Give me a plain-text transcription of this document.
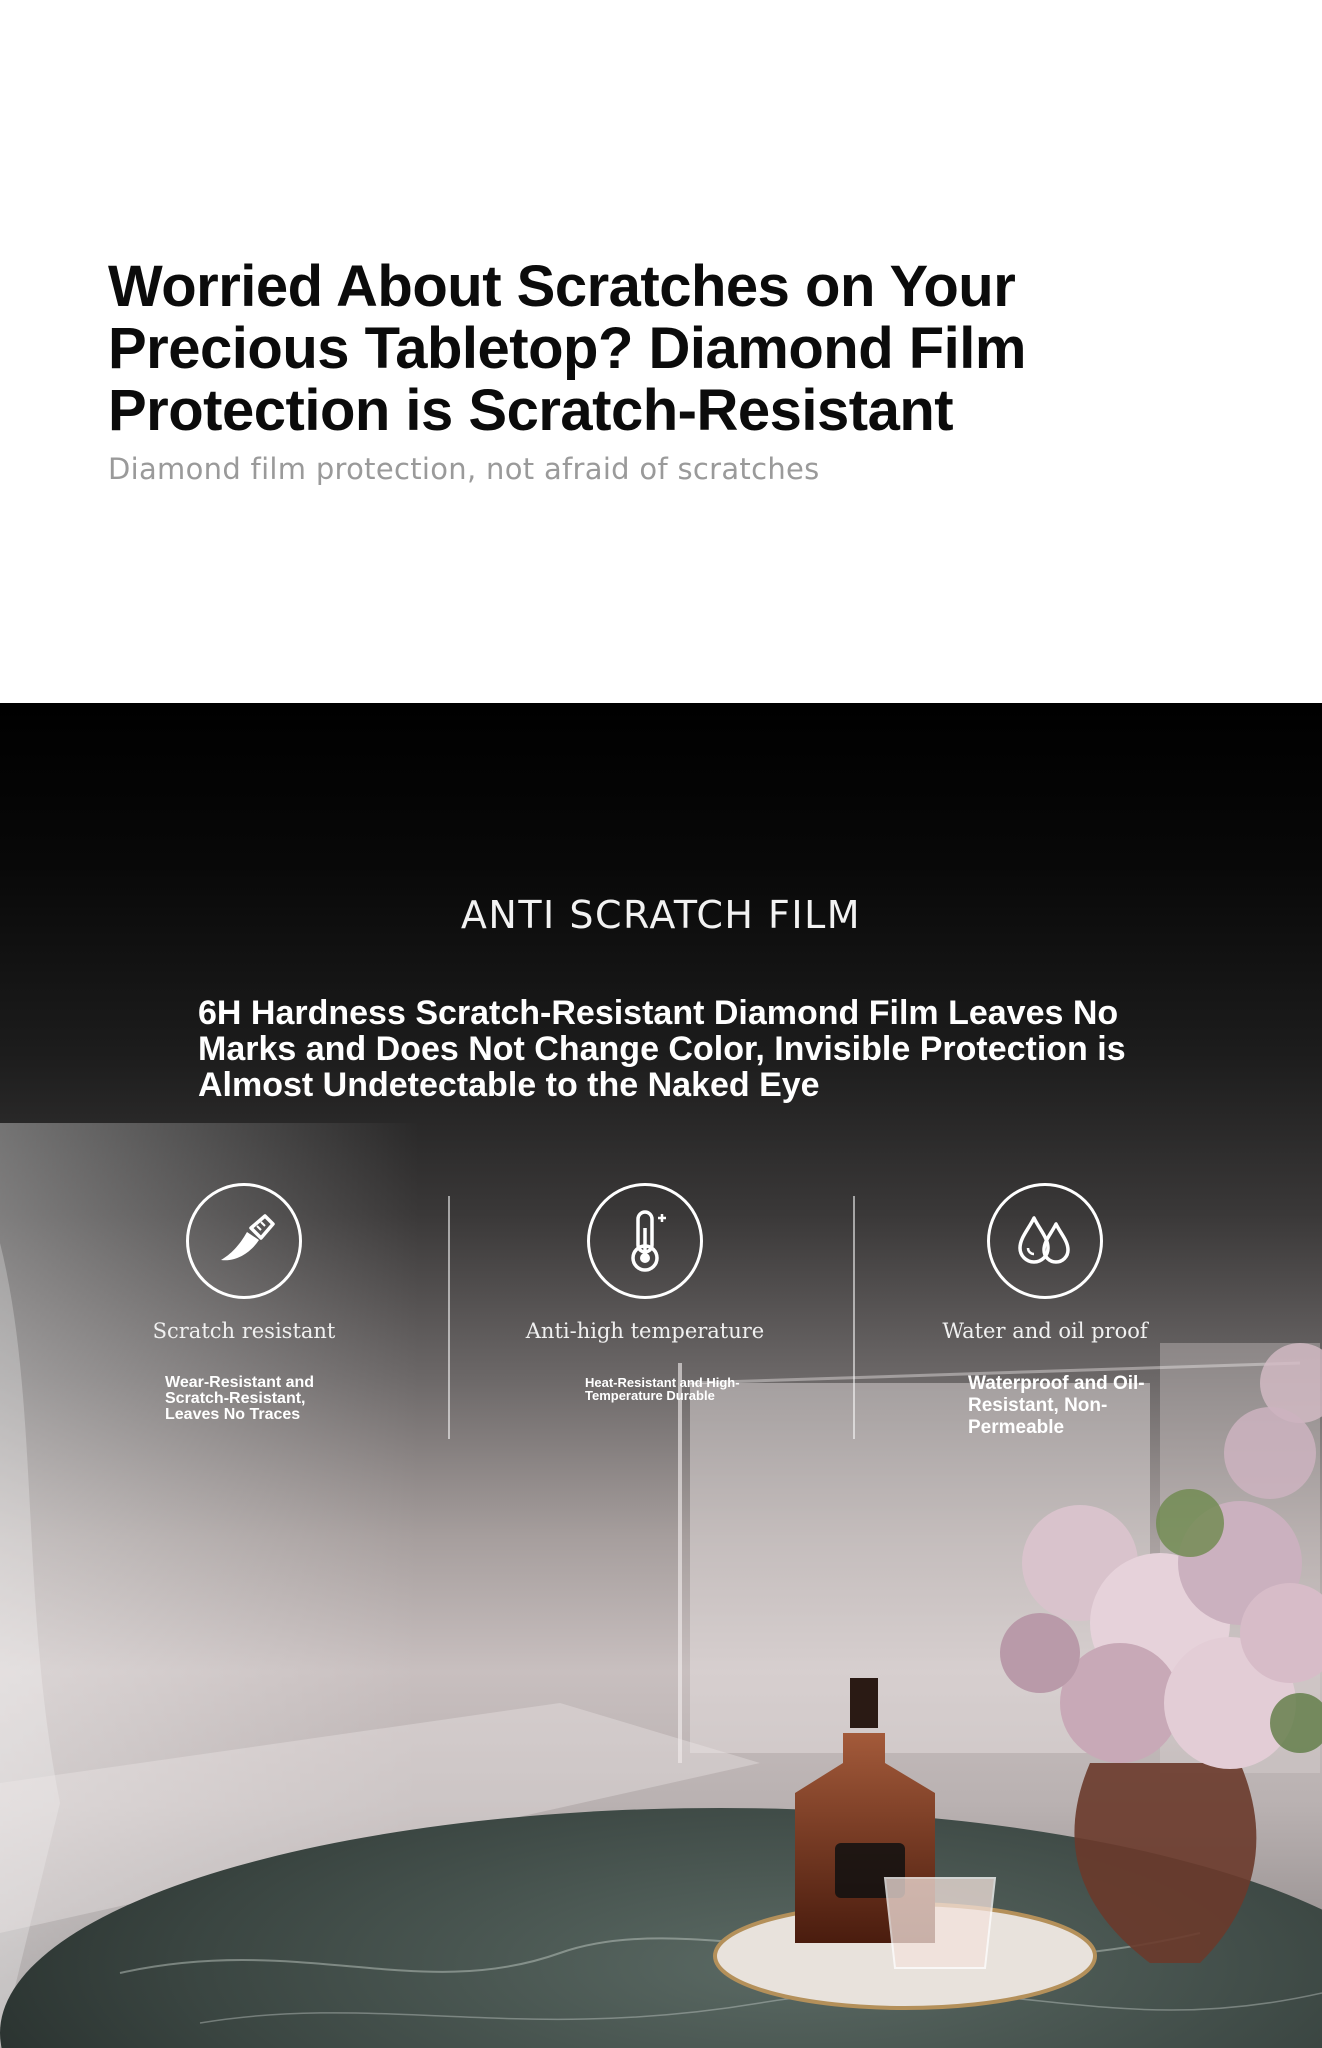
Worried About Scratches on Your Precious Tabletop? Diamond Film Protection is Scratch-Resistant
Diamond film protection, not afraid of scratches
ANTI SCRATCH FILM
6H Hardness Scratch-Resistant Diamond Film Leaves No Marks and Does Not Change Color, Invisible Protection is Almost Undetectable to the Naked Eye
Scratch resistant
Wear-Resistant and Scratch-Resistant, Leaves No Traces
Anti-high temperature
Heat-Resistant and High-Temperature Durable
Water and oil proof
Waterproof and Oil-Resistant, Non-Permeable
